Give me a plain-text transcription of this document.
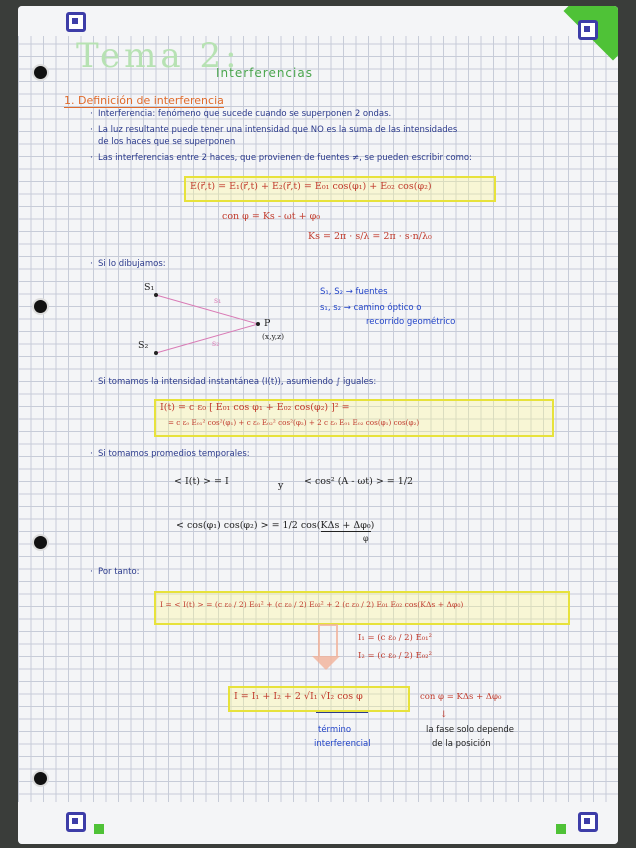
Tema 2:
Interferencias
1. Definición de interferencia
· Interferencia: fenómeno que sucede cuando se superponen 2 ondas.
· La luz resultante puede tener una intensidad que NO es la suma de las intensidades
de los haces que se superponen
· Las interferencias entre 2 haces, que provienen de fuentes ≠, se pueden escribir como:
E(r⃗,t) = E₁(r⃗,t) + E₂(r⃗,t) = E₀₁ cos(φ₁) + E₀₂ cos(φ₂)
con φ = Ks - ωt + φ₀
Ks = 2π · s/λ = 2π · s·n/λ₀
· Si lo dibujamos:
S₁
S₂
P
(x,y,z)
s₁
s₂
S₁, S₂ → fuentes
s₁, s₂ → camino óptico o
recorrido geométrico
· Si tomamos la intensidad instantánea (I(t)), asumiendo ∫ iguales:
I(t) = c ε₀ [ E₀₁ cos φ₁ + E₀₂ cos(φ₂) ]² =
= c ε₀ E₀₁² cos²(φ₁) + c ε₀ E₀₂² cos²(φ₂) + 2 c ε₀ E₀₁ E₀₂ cos(φ₁) cos(φ₂)
· Si tomamos promedios temporales:
< I(t) > = I	y < cos² (A - ωt) > = 1/2
< cos(φ₁) cos(φ₂) > = 1/2 cos(KΔs + Δφ₀)
φ
· Por tanto:
I = < I(t) > = (c ε₀ / 2) E₀₁² + (c ε₀ / 2) E₀₂² + 2 (c ε₀ / 2) E₀₁ E₀₂ cos(KΔs + Δφ₀)
I₁ = (c ε₀ / 2) E₀₁²
I₂ = (c ε₀ / 2) E₀₂²
I = I₁ + I₂ + 2 √I₁ √I₂ cos φ	con φ = KΔs + Δφ₀
término
interferencial
↓
la fase solo depende
de la posición
